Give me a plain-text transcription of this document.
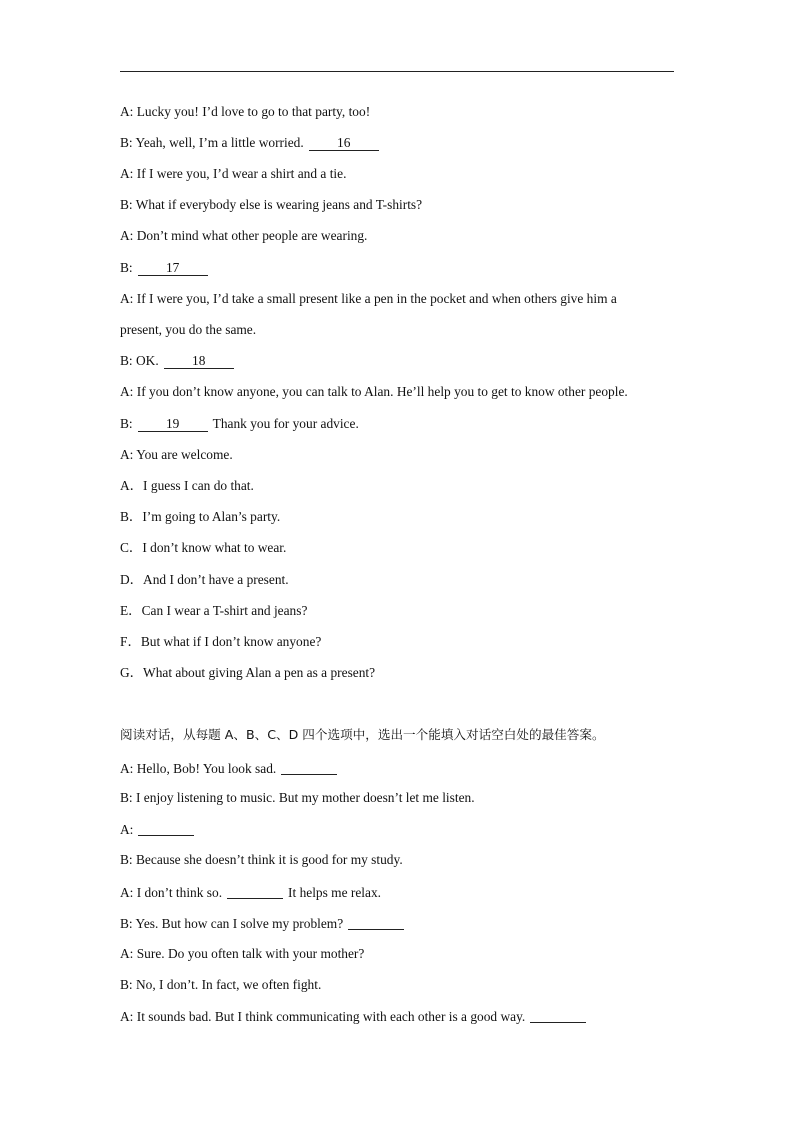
A: Lucky you! I’d love to go to that party, too!
B: Yeah, well, I’m a little worried. 16
A: If I were you, I’d wear a shirt and a tie.
B: What if everybody else is wearing jeans and T-shirts?
A: Don’t mind what other people are wearing.
B: 17
A: If I were you, I’d take a small present like a pen in the pocket and when others give him a
present, you do the same.
B: OK. 18
A: If you don’t know anyone, you can talk to Alan. He’ll help you to get to know other people.
B: 19 Thank you for your advice.
A: You are welcome.
A．I guess I can do that.
B．I’m going to Alan’s party.
C．I don’t know what to wear.
D．And I don’t have a present.
E．Can I wear a T-shirt and jeans?
F．But what if I don’t know anyone?
G．What about giving Alan a pen as a present?
阅读对话，从每题 A、B、C、D 四个选项中，选出一个能填入对话空白处的最佳答案。
A: Hello, Bob! You look sad.
B: I enjoy listening to music. But my mother doesn’t let me listen.
A:
B: Because she doesn’t think it is good for my study.
A: I don’t think so.	It helps me relax.
B: Yes. But how can I solve my problem?
A: Sure. Do you often talk with your mother?
B: No, I don’t. In fact, we often fight.
A: It sounds bad. But I think communicating with each other is a good way.
